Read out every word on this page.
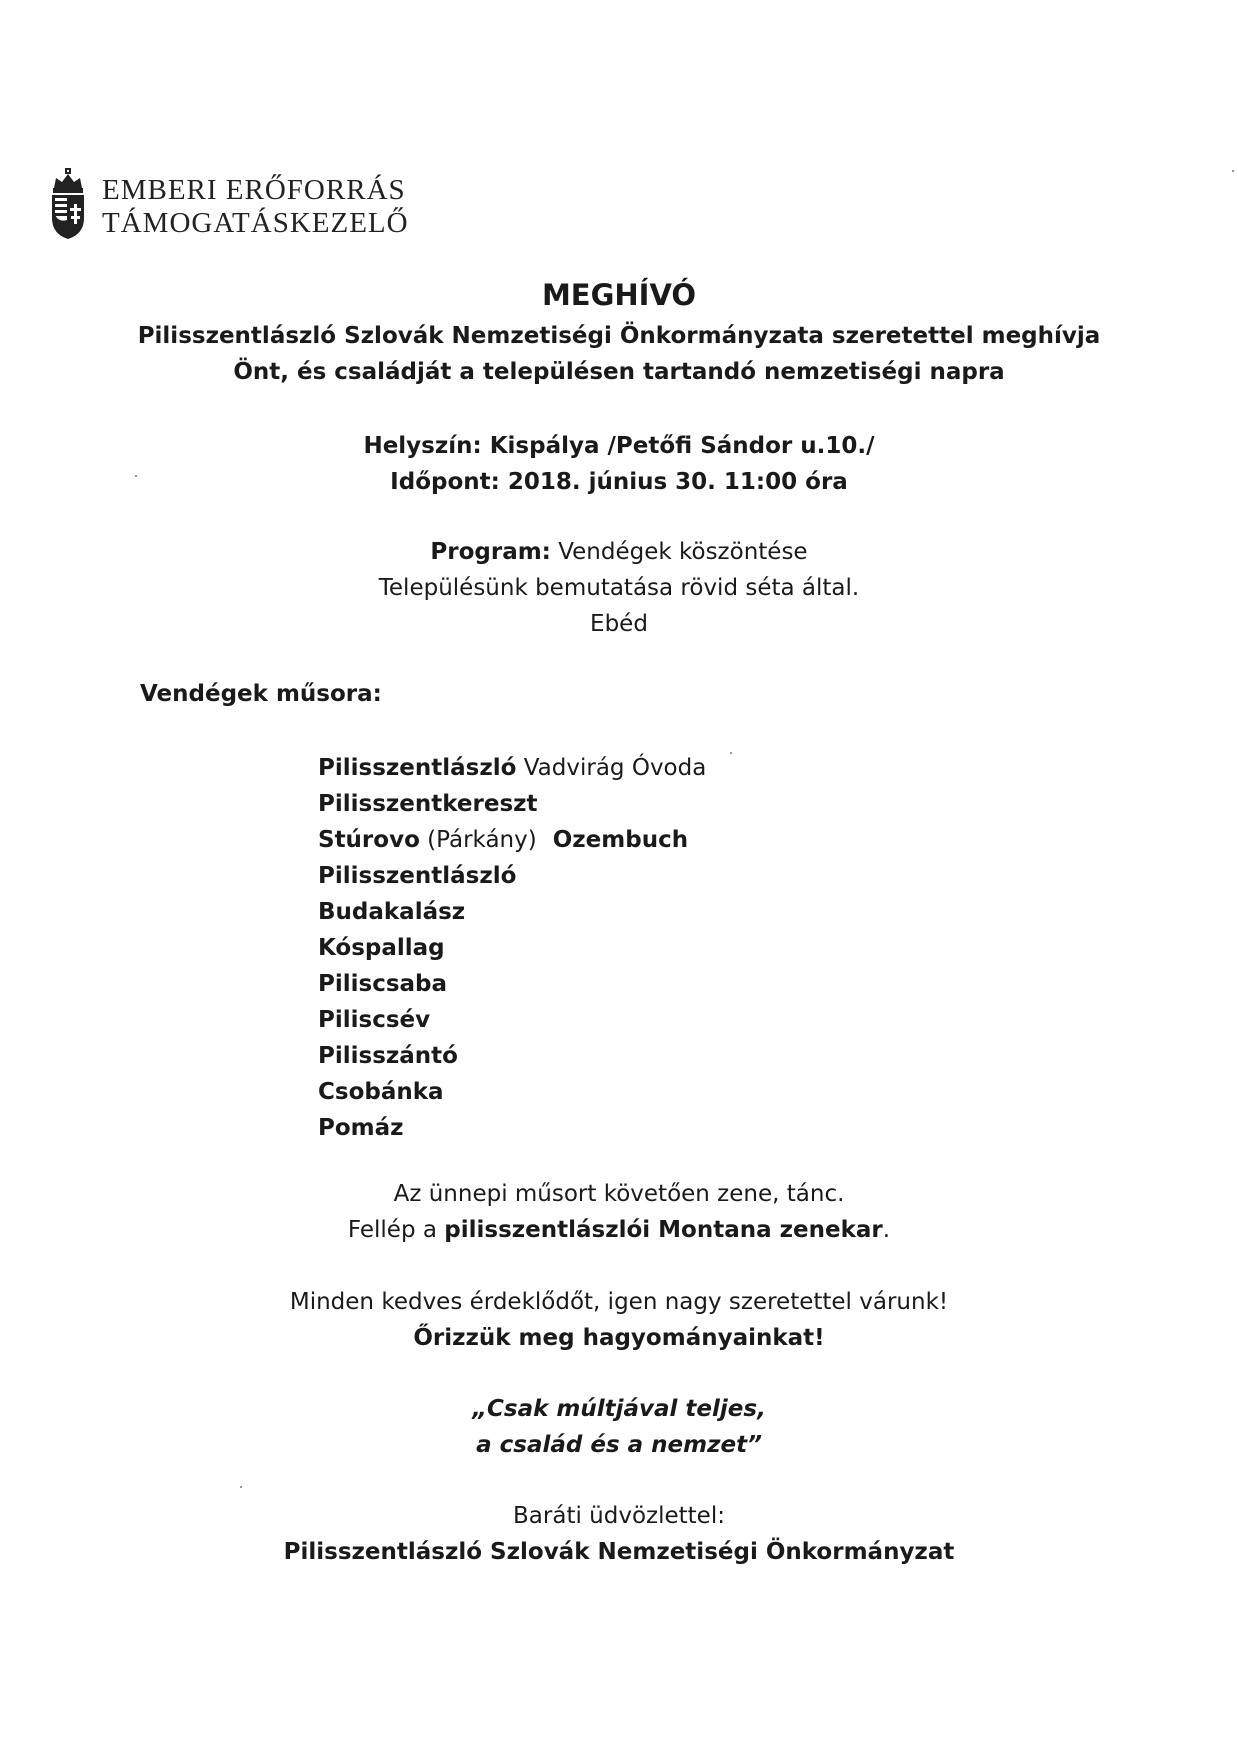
EMBERI ERŐFORRÁS
TÁMOGATÁSKEZELŐ
MEGHÍVÓ
Pilisszentlászló Szlovák Nemzetiségi Önkormányzata szeretettel meghívja
Önt, és családját a településen tartandó nemzetiségi napra
Helyszín: Kispálya /Petőfi Sándor u.10./
Időpont: 2018. június 30. 11:00 óra
Program: Vendégek köszöntése
Településünk bemutatása rövid séta által.
Ebéd
Vendégek műsora:
Pilisszentlászló Vadvirág Óvoda
Pilisszentkereszt
Stúrovo (Párkány)  Ozembuch
Pilisszentlászló
Budakalász
Kóspallag
Piliscsaba
Piliscsév
Pilisszántó
Csobánka
Pomáz
Az ünnepi műsort követően zene, tánc.
Fellép a pilisszentlászlói Montana zenekar.
Minden kedves érdeklődőt, igen nagy szeretettel várunk!
Őrizzük meg hagyományainkat!
„Csak múltjával teljes,
a család és a nemzet”
Baráti üdvözlettel:
Pilisszentlászló Szlovák Nemzetiségi Önkormányzat
